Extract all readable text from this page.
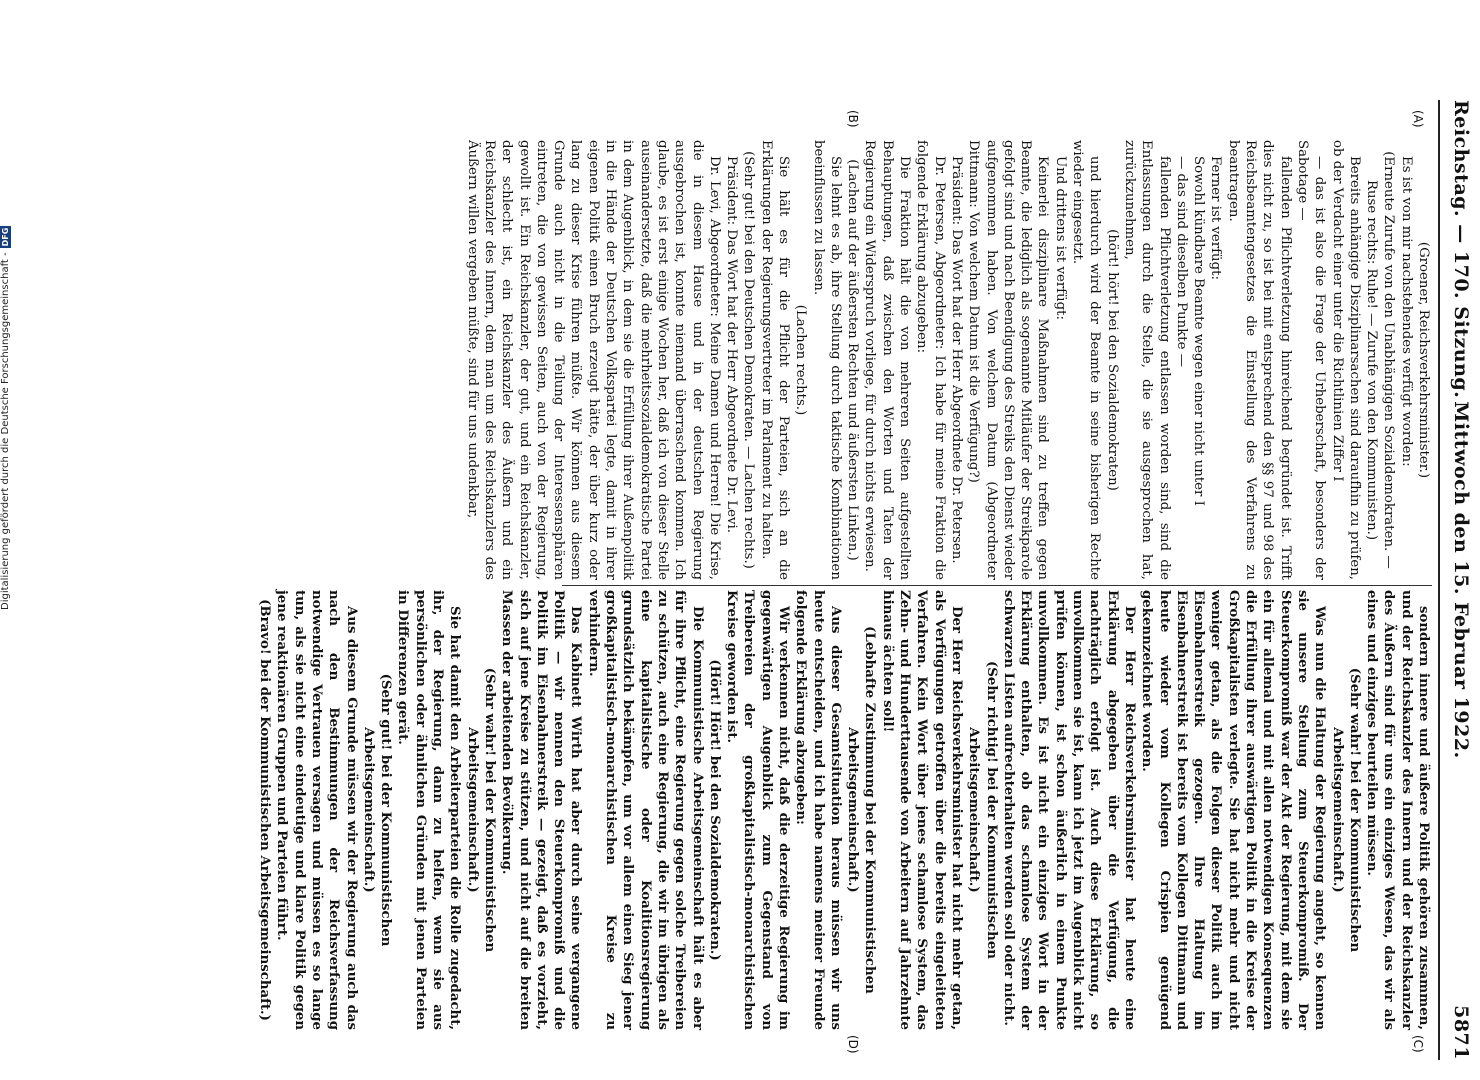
Reichstag. — 170. Sitzung.
Mittwoch den 15. Februar 1922.
5871
(A)
(B)
(C)
(D)

(Groener, Reichsverkehrsminister.)

Es ist von mir nachstehendes verfügt worden:

(Erneute Zurufe von den Unabhängigen Sozialdemokraten. — Ruse rechts: Ruhe! — Zurufe von den Kommunisten.)

Bereits anhängige Disziplinarsachen sind daraufhin zu prüfen, ob der Verdacht einer unter die Richtlinien Ziffer I

— das ist also die Frage der Urheberschaft, besonders der Sabotage —

fallenden Pflichtverletzung hinreichend begründet ist. Trifft dies nicht zu, so ist bei mit entsprechend den §§ 97 und 98 des Reichsbeamtengesetzes die Einstellung des Verfahrens zu beantragen.

Ferner ist verfügt:

Sowohl kündbare Beamte wegen einer nicht unter I

— das sind dieselben Punkte —

fallenden Pflichtverletzung entlassen worden sind, sind die Entlassungen durch die Stelle, die sie ausgesprochen hat, zurückzunehmen,

(hört! hört! bei den Sozialdemokraten)

und hierdurch wird der Beamte in seine bisherigen Rechte wieder eingesetzt.

Und drittens ist verfügt:

Keinerlei disziplinare Maßnahmen sind zu treffen gegen Beamte, die lediglich als sogenannte Mitläufer der Streikparole gefolgt sind und nach Beendigung des Streiks den Dienst wieder aufgenommen haben. Von welchem Datum (Abgeordneter Dittmann: Von welchem Datum ist die Verfügung?)

Präsident: Das Wort hat der Herr Abgeordnete Dr. Petersen.

Dr. Petersen, Abgeordneter: Ich habe für meine Fraktion die folgende Erklärung abzugeben:

Die Fraktion hält die von mehreren Seiten aufgestellten Behauptungen, daß zwischen den Worten und Taten der Regierung ein Widerspruch vorliege, für durch nichts erwiesen.

(Lachen auf der äußersten Rechten und äußersten Linken.)

Sie lehnt es ab, ihre Stellung durch taktische Kombinationen beeinflussen zu lassen.

(Lachen rechts.)

Sie hält es für die Pflicht der Parteien, sich an die Erklärungen der Regierungsvertreter im Parlament zu halten.

(Sehr gut! bei den Deutschen Demokraten. — Lachen rechts.)

Präsident: Das Wort hat der Herr Abgeordnete Dr. Levi.

Dr. Levi, Abgeordneter: Meine Damen und Herren! Die Krise, die in diesem Hause und in der deutschen Regierung ausgebrochen ist, konnte niemand überraschend kommen. Ich glaube, es ist erst einige Wochen her, daß ich von dieser Stelle auseinandersetzte, daß die mehrheitssozialdemokratische Partei in dem Augenblick, in dem sie die Erfüllung ihrer Außenpolitik in die Hände der Deutschen Volkspartei legte, damit in ihrer eigenen Politik einen Bruch erzeugt hätte, der über kurz oder lang zu dieser Krise führen müßte. Wir können aus diesem Grunde auch nicht in die Teilung der Interessensphären eintreten, die von gewissen Seiten, auch von der Regierung, gewollt ist. Ein Reichskanzler, der gut, und ein Reichskanzler, der schlecht ist, ein Reichskanzler des Äußern und ein Reichskanzler des Innern, dem man um des Reichskanzlers des Äußern willen vergeben müßte, sind für uns undenkbar,

sondern innere und äußere Politik gehören zusammen, und der Reichskanzler des Innern und der Reichskanzler des Äußern sind für uns ein einziges Wesen, das wir als eines und einziges beurteilen müssen.

(Sehr wahr! bei der Kommunistischen Arbeitsgemeinschaft.)

Was nun die Haltung der Regierung angeht, so kennen sie unsere Stellung zum Steuerkompromiß. Der Steuerkompromiß war der Akt der Regierung, mit dem sie ein für allemal und mit allen notwendigen Konsequenzen die Erfüllung ihrer auswärtigen Politik in die Kreise der Großkapitalisten verlegte. Sie hat nicht mehr und nicht weniger getan, als die Folgen dieser Politik auch im Eisenbahnerstreik gezogen. Ihre Haltung im Eisenbahnerstreik ist bereits vom Kollegen Dittmann und heute wieder vom Kollegen Crispien genügend gekennzeichnet worden.

Der Herr Reichsverkehrsminister hat heute eine Erklärung abgegeben über die Verfügung, die nachträglich erfolgt ist. Auch diese Erklärung, so unvollkommen sie ist, kann ich jetzt im Augenblick nicht prüfen können, ist schon äußerlich in einem Punkte unvollkommen. Es ist nicht ein einziges Wort in der Erklärung enthalten, ob das schamlose System der schwarzen Listen aufrechterhalten werden soll oder nicht.

(Sehr richtig! bei der Kommunistischen Arbeitsgemeinschaft.)

Der Herr Reichsverkehrsminister hat nicht mehr getan, als Verfügungen getroffen über die bereits eingeleiteten Verfahren. Kein Wort über jenes schamlose System, das Zehn- und Hunderttausende von Arbeitern auf Jahrzehnte hinaus ächten soll!

(Lebhafte Zustimmung bei der Kommunistischen Arbeitsgemeinschaft.)

Aus dieser Gesamtsituation heraus müssen wir uns heute entscheiden, und ich habe namens meiner Freunde folgende Erklärung abzugeben:

Wir verkennen nicht, daß die derzeitige Regierung im gegenwärtigen Augenblick zum Gegenstand von Treibereien der großkapitalistisch-monarchistischen Kreise geworden ist.

(Hört! Hört! bei den Sozialdemokraten.)

Die Kommunistische Arbeitsgemeinschaft hält es aber für ihre Pflicht, eine Regierung gegen solche Treibereien zu schützen, auch eine Regierung, die wir im übrigen als eine kapitalistische oder Koalitionsregierung grundsätzlich bekämpfen, um vor allem einen Sieg jener großkapitalistisch-monarchistischen Kreise zu verhindern.

Das Kabinett Wirth hat aber durch seine vergangene Politik — wir nennen den Steuerkompromiß und die Politik im Eisenbahnerstreik — gezeigt, daß es vorzieht, sich auf jene Kreise zu stützen, und nicht auf die breiten Massen der arbeitenden Bevölkerung.

(Sehr wahr! bei der Kommunistischen Arbeitsgemeinschaft.)

Sie hat damit den Arbeiterparteien die Rolle zugedacht, ihr, der Regierung, dann zu helfen, wenn sie aus persönlichen oder ähnlichen Gründen mit jenen Parteien in Differenzen gerät.

(Sehr gut! bei der Kommunistischen Arbeitsgemeinschaft.)

Aus diesem Grunde müssen wir der Regierung auch das nach den Bestimmungen der Reichsverfassung notwendige Vertrauen versagen und müssen es so lange tun, als sie nicht eine eindeutige und klare Politik gegen jene reaktionären Gruppen und Parteien führt.

(Bravo! bei der Kommunistischen Arbeitsgemeinschaft.)

Digitalisierung gefördert durch die Deutsche Forschungsgemeinschaft -DFG
